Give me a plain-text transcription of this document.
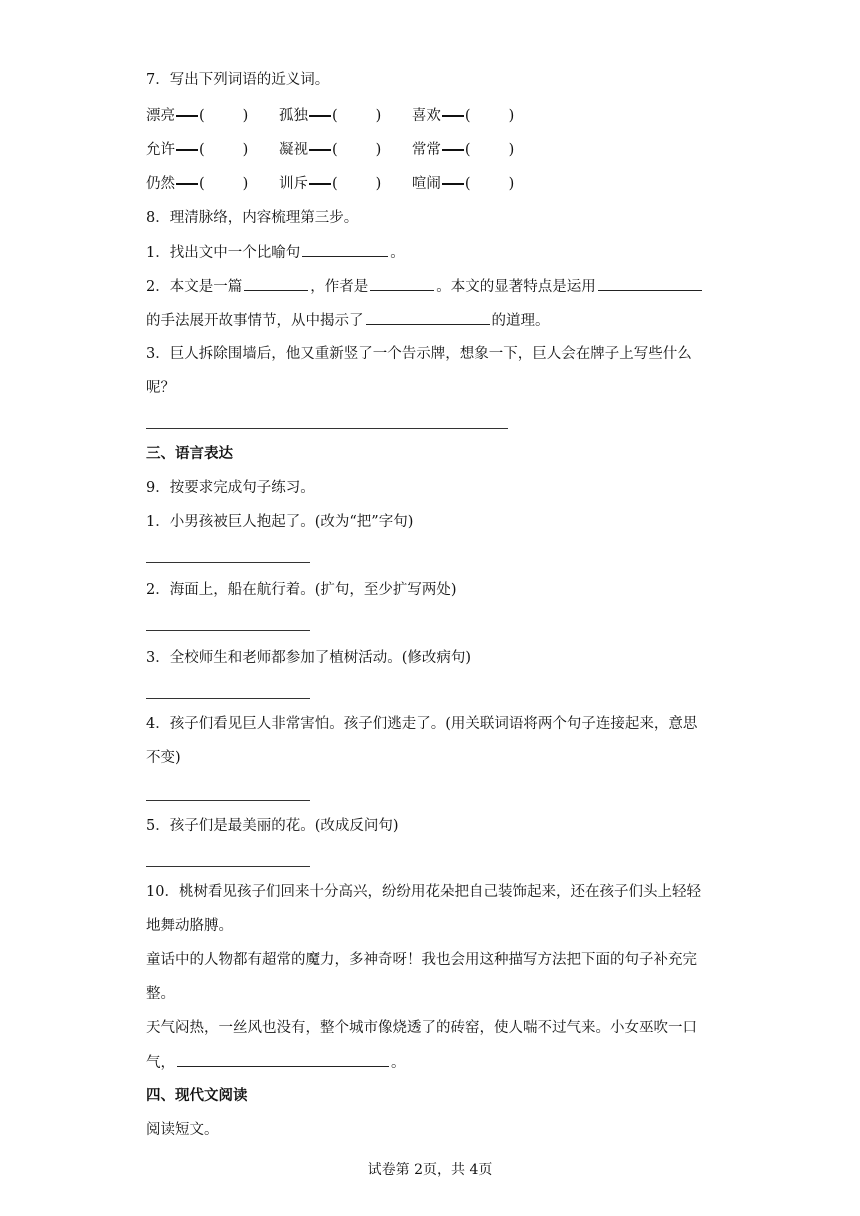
7．写出下列词语的近义词。
漂亮 (	) 孤独 (	) 喜欢 (	)
允许 (	) 凝视 (	) 常常 (	)
仍然 (	) 训斥 (	) 喧闹 (	)
8．理清脉络，内容梳理第三步。
1．找出文中一个比喻句	。
2．本文是一篇	，作者是	。本文的显著特点是运用
的手法展开故事情节，从中揭示了	的道理。
3．巨人拆除围墙后，他又重新竖了一个告示牌，想象一下，巨人会在牌子上写些什么
呢？
三、语言表达
9．按要求完成句子练习。
1．小男孩被巨人抱起了。(改为“把”字句)
2．海面上，船在航行着。(扩句，至少扩写两处)
3．全校师生和老师都参加了植树活动。(修改病句)
4．孩子们看见巨人非常害怕。孩子们逃走了。(用关联词语将两个句子连接起来，意思
不变)
5．孩子们是最美丽的花。(改成反问句)
10．桃树看见孩子们回来十分高兴，纷纷用花朵把自己装饰起来，还在孩子们头上轻轻
地舞动胳膊。
童话中的人物都有超常的魔力，多神奇呀！我也会用这种描写方法把下面的句子补充完
整。
天气闷热，一丝风也没有，整个城市像烧透了的砖窑，使人喘不过气来。小女巫吹一口
气，	。
四、现代文阅读
阅读短文。
试卷第 2页，共 4页
